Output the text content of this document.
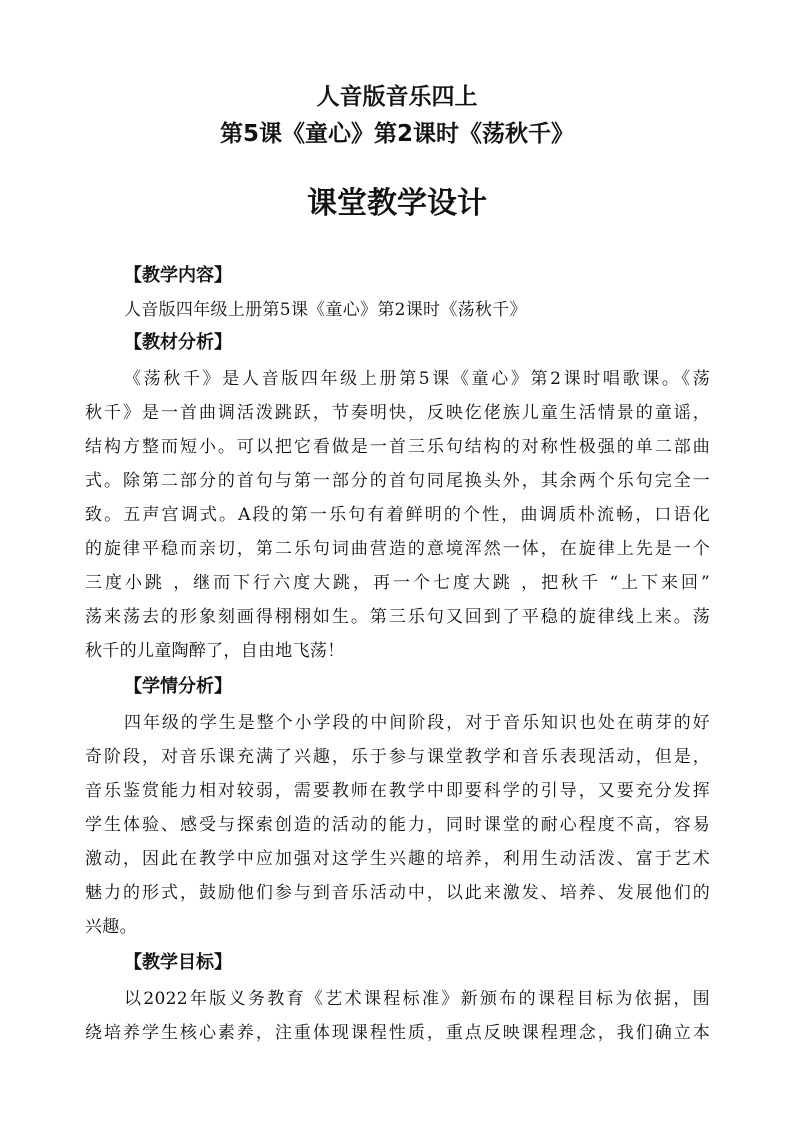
人音版音乐四上
第5课《童心》第2课时《荡秋千》
课堂教学设计
【教学内容】
人音版四年级上册第5课《童心》第2课时《荡秋千》
【教材分析】
《荡秋千》是人音版四年级上册第5课《童心》第2课时唱歌课。《荡
秋千》是一首曲调活泼跳跃，节奏明快，反映仡佬族儿童生活情景的童谣，
结构方整而短小。可以把它看做是一首三乐句结构的对称性极强的单二部曲
式。除第二部分的首句与第一部分的首句同尾换头外，其余两个乐句完全一
致。五声宫调式。A段的第一乐句有着鲜明的个性，曲调质朴流畅，口语化
的旋律平稳而亲切，第二乐句词曲营造的意境浑然一体，在旋律上先是一个
三度小跳 ，继而下行六度大跳，再一个七度大跳 ，把秋千 “上下来回”
荡来荡去的形象刻画得栩栩如生。第三乐句又回到了平稳的旋律线上来。荡
秋千的儿童陶醉了，自由地飞荡！
【学情分析】
四年级的学生是整个小学段的中间阶段，对于音乐知识也处在萌芽的好
奇阶段，对音乐课充满了兴趣，乐于参与课堂教学和音乐表现活动，但是，
音乐鉴赏能力相对较弱，需要教师在教学中即要科学的引导，又要充分发挥
学生体验、感受与探索创造的活动的能力，同时课堂的耐心程度不高，容易
激动，因此在教学中应加强对这学生兴趣的培养，利用生动活泼、富于艺术
魅力的形式，鼓励他们参与到音乐活动中，以此来激发、培养、发展他们的
兴趣。
【教学目标】
以2022年版义务教育《艺术课程标准》新颁布的课程目标为依据，围
绕培养学生核心素养，注重体现课程性质，重点反映课程理念，我们确立本
